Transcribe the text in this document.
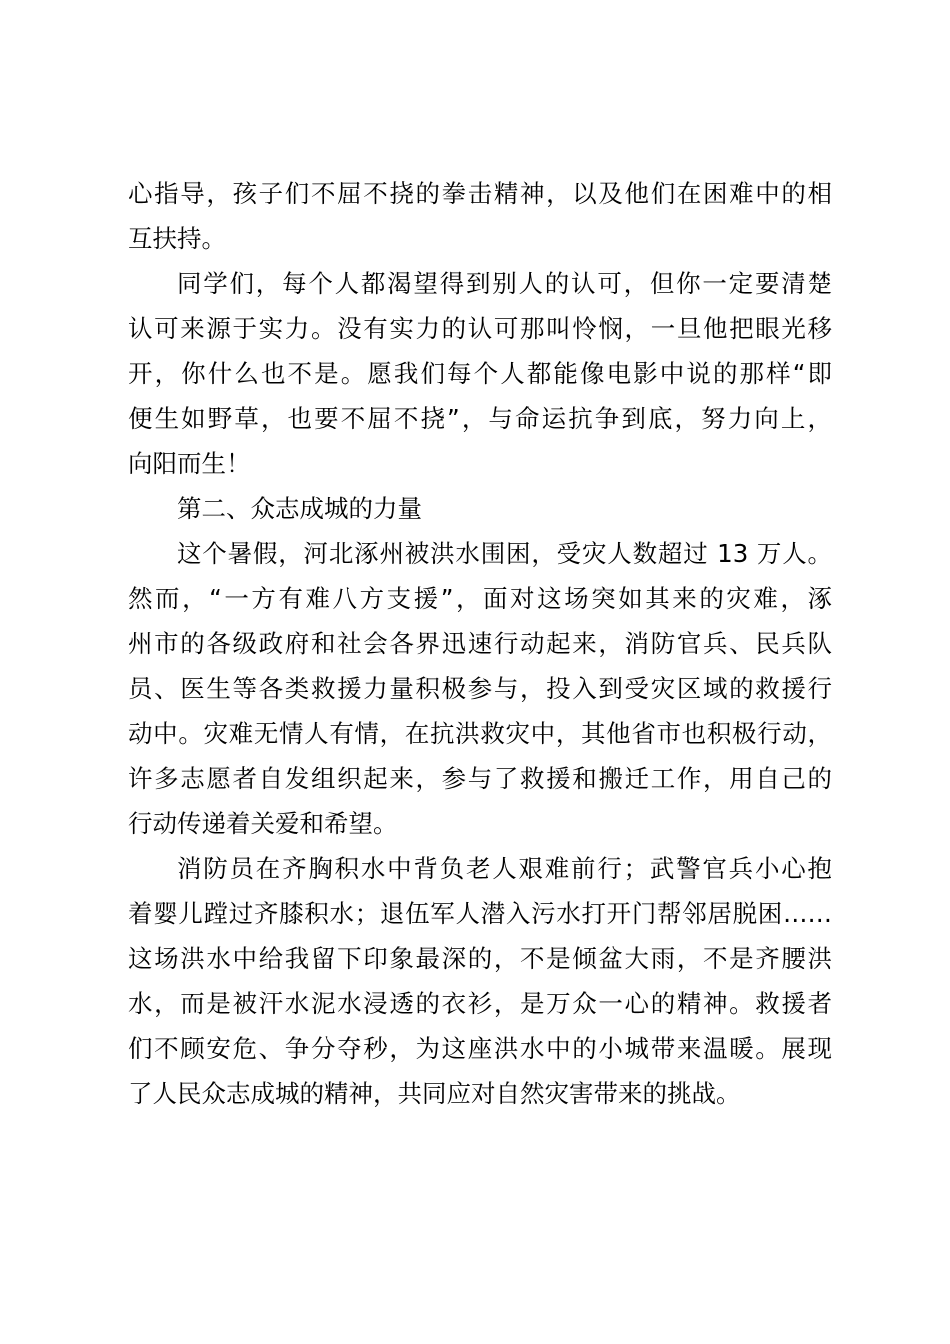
心指导，孩子们不屈不挠的拳击精神，以及他们在困难中的相
互扶持。
同学们，每个人都渴望得到别人的认可，但你一定要清楚
认可来源于实力。没有实力的认可那叫怜悯，一旦他把眼光移
开，你什么也不是。愿我们每个人都能像电影中说的那样“即
便生如野草，也要不屈不挠”，与命运抗争到底，努力向上，
向阳而生！
第二、众志成城的力量
这个暑假，河北涿州被洪水围困，受灾人数超过 13 万人。
然而，“一方有难八方支援”，面对这场突如其来的灾难，涿
州市的各级政府和社会各界迅速行动起来，消防官兵、民兵队
员、医生等各类救援力量积极参与，投入到受灾区域的救援行
动中。灾难无情人有情，在抗洪救灾中，其他省市也积极行动，
许多志愿者自发组织起来，参与了救援和搬迁工作，用自己的
行动传递着关爱和希望。
消防员在齐胸积水中背负老人艰难前行；武警官兵小心抱
着婴儿蹚过齐膝积水；退伍军人潜入污水打开门帮邻居脱困……
这场洪水中给我留下印象最深的，不是倾盆大雨，不是齐腰洪
水，而是被汗水泥水浸透的衣衫，是万众一心的精神。救援者
们不顾安危、争分夺秒，为这座洪水中的小城带来温暖。展现
了人民众志成城的精神，共同应对自然灾害带来的挑战。
